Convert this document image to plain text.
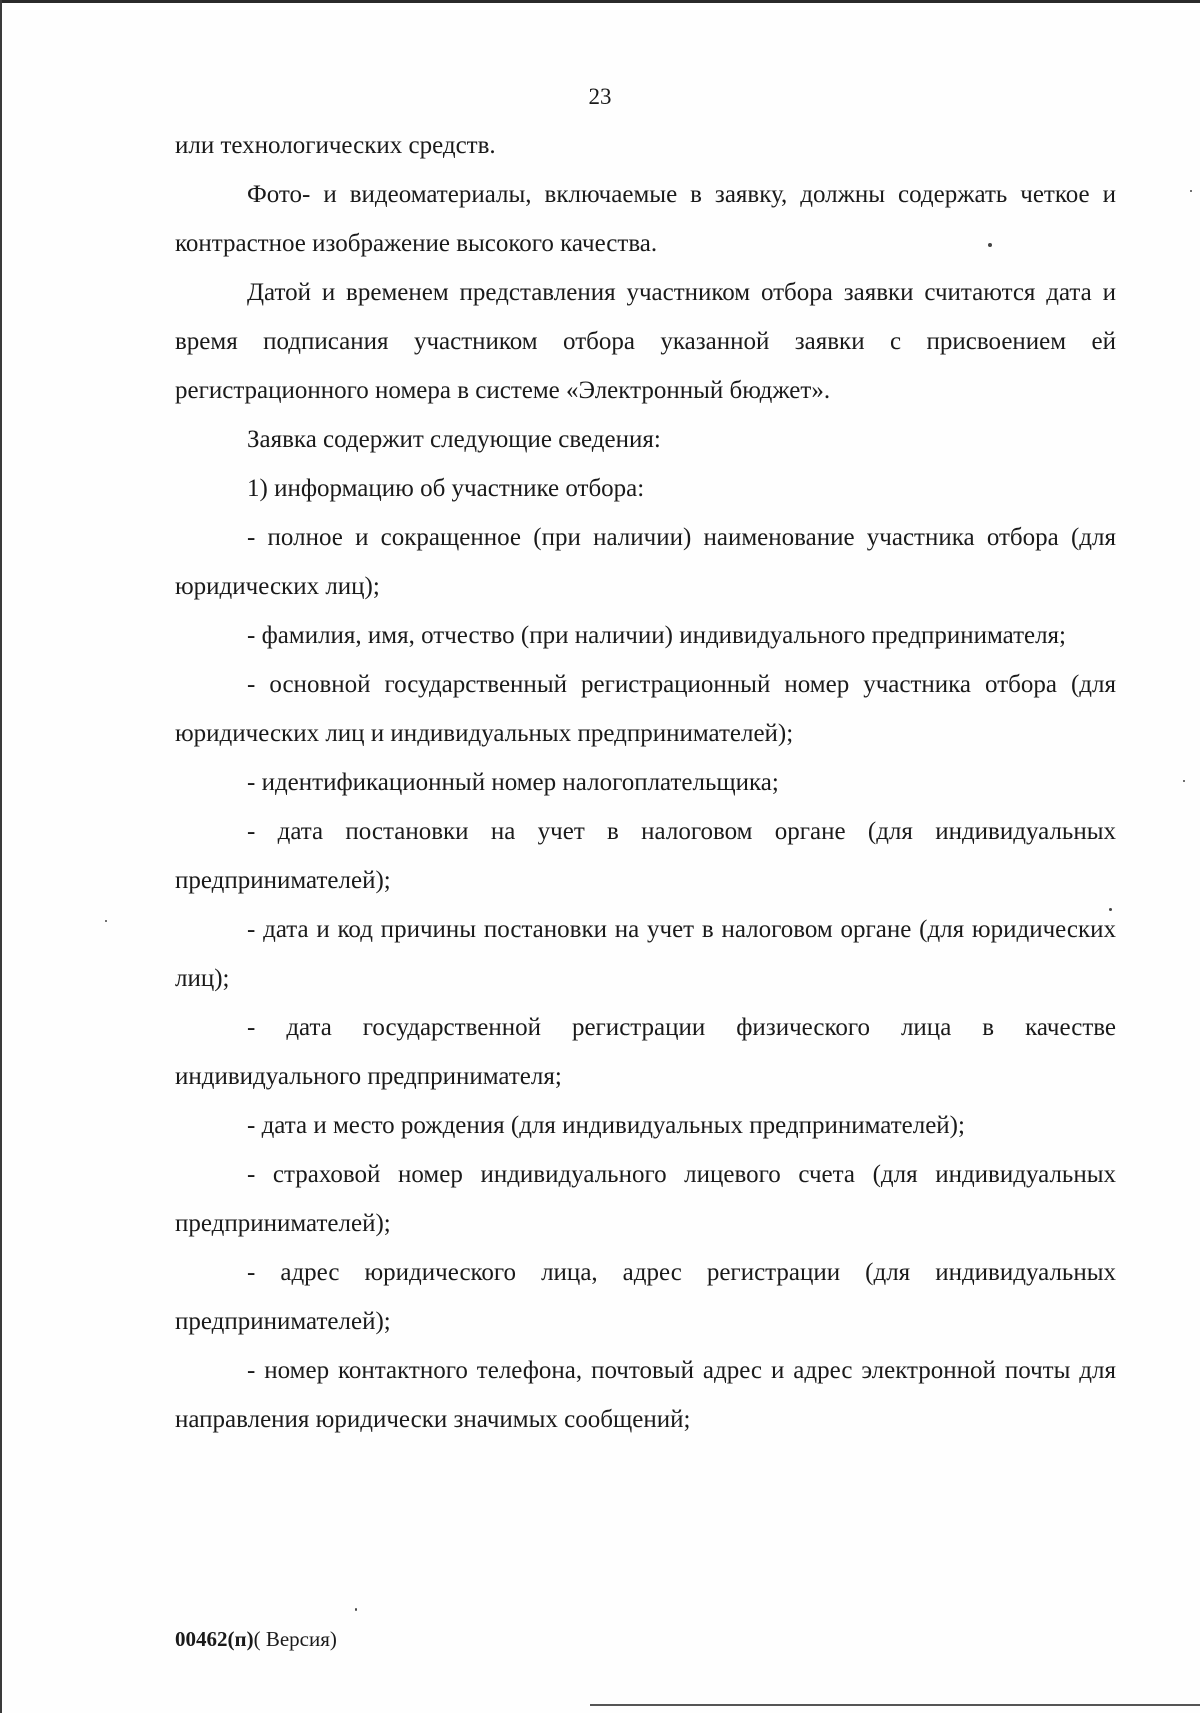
23

или технологических средств.

Фото- и видеоматериалы, включаемые в заявку, должны содержать четкое и контрастное изображение высокого качества.

Датой и временем представления участником отбора заявки считаются дата и время подписания участником отбора указанной заявки с присвоением ей регистрационного номера в системе «Электронный бюджет».

Заявка содержит следующие сведения:

1) информацию об участнике отбора:

- полное и сокращенное (при наличии) наименование участника отбора (для юридических лиц);

- фамилия, имя, отчество (при наличии) индивидуального предпринимателя;

- основной государственный регистрационный номер участника отбора (для юридических лиц и индивидуальных предпринимателей);

- идентификационный номер налогоплательщика;

- дата постановки на учет в налоговом органе (для индивидуальных предпринимателей);

- дата и код причины постановки на учет в налоговом органе (для юридических лиц);

- дата государственной регистрации физического лица в качестве индивидуального предпринимателя;

- дата и место рождения (для индивидуальных предпринимателей);

- страховой номер индивидуального лицевого счета (для индивидуальных предпринимателей);

- адрес юридического лица, адрес регистрации (для индивидуальных предпринимателей);

- номер контактного телефона, почтовый адрес и адрес электронной почты для направления юридически значимых сообщений;

00462(п)( Версия)
